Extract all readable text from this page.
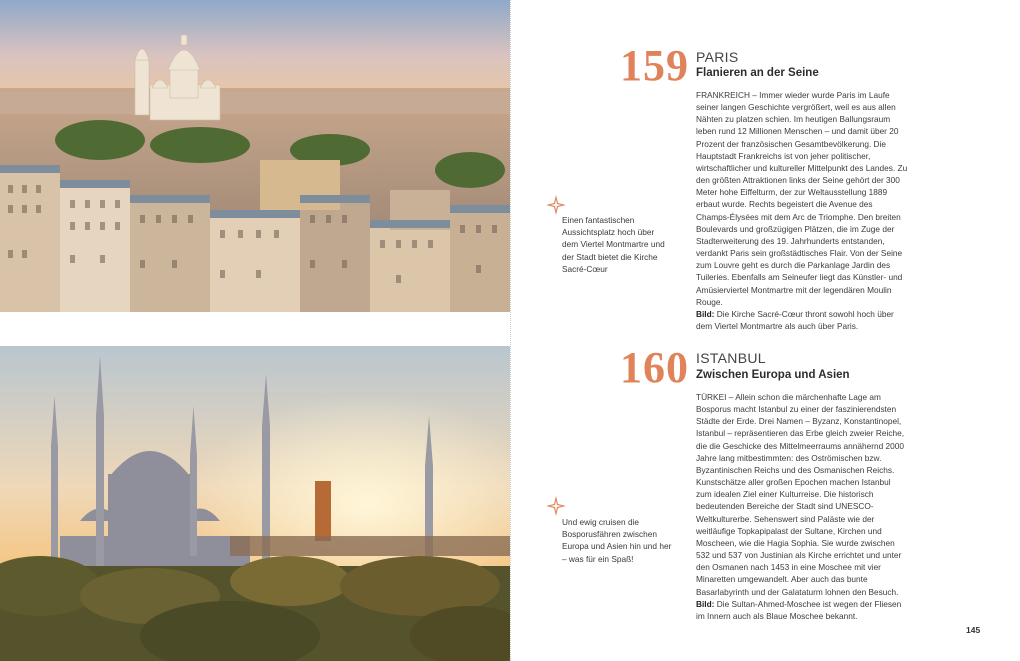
159 PARIS
Flanieren an der Seine
FRANKREICH – Immer wieder wurde Paris im Laufe seiner langen Geschichte vergrößert, weil es aus allen Nähten zu platzen schien. Im heutigen Ballungsraum leben rund 12 Millionen Menschen – und damit über 20 Prozent der französischen Gesamtbevölkerung. Die Hauptstadt Frankreichs ist von jeher politischer, wirtschaftlicher und kultureller Mittelpunkt des Landes. Zu den größten Attraktionen links der Seine gehört der 300 Meter hohe Eiffelturm, der zur Weltausstellung 1889 erbaut wurde. Rechts begeistert die Avenue des Champs-Élysées mit dem Arc de Triomphe. Den breiten Boulevards und großzügigen Plätzen, die im Zuge der Stadterweiterung des 19. Jahrhunderts entstanden, verdankt Paris sein großstädtisches Flair. Von der Seine zum Louvre geht es durch die Parkanlage Jardin des Tuileries. Ebenfalls am Seineufer liegt das Künstler- und Amüsierviertel Montmartre mit der legendären Moulin Rouge.
Bild: Die Kirche Sacré-Cœur thront sowohl hoch über dem Viertel Montmartre als auch über Paris.
Einen fantastischen Aussichtsplatz hoch über dem Viertel Montmartre und der Stadt bietet die Kirche Sacré-Cœur
160 ISTANBUL
Zwischen Europa und Asien
TÜRKEI – Allein schon die märchenhafte Lage am Bosporus macht Istanbul zu einer der faszinierendsten Städte der Erde. Drei Namen – Byzanz, Konstantinopel, Istanbul – repräsentieren das Erbe gleich zweier Reiche, die die Geschicke des Mittelmeerraums annähernd 2000 Jahre lang mitbestimmten: des Oströmischen bzw. Byzantinischen Reichs und des Osmanischen Reichs. Kunstschätze aller großen Epochen machen Istanbul zum idealen Ziel einer Kulturreise. Die historisch bedeutenden Bereiche der Stadt sind UNESCO-Weltkulturerbe. Sehenswert sind Paläste wie der weitläufige Topkapipalast der Sultane, Kirchen und Moscheen, wie die Hagia Sophia. Sie wurde zwischen 532 und 537 von Justinian als Kirche errichtet und unter den Osmanen nach 1453 in eine Moschee mit vier Minaretten umgewandelt. Aber auch das bunte Basarlabyrinth und der Galataturm lohnen den Besuch.
Bild: Die Sultan-Ahmed-Moschee ist wegen der Fliesen im Innern auch als Blaue Moschee bekannt.
Und ewig cruisen die Bosporusfähren zwischen Europa und Asien hin und her – was für ein Spaß!
145
